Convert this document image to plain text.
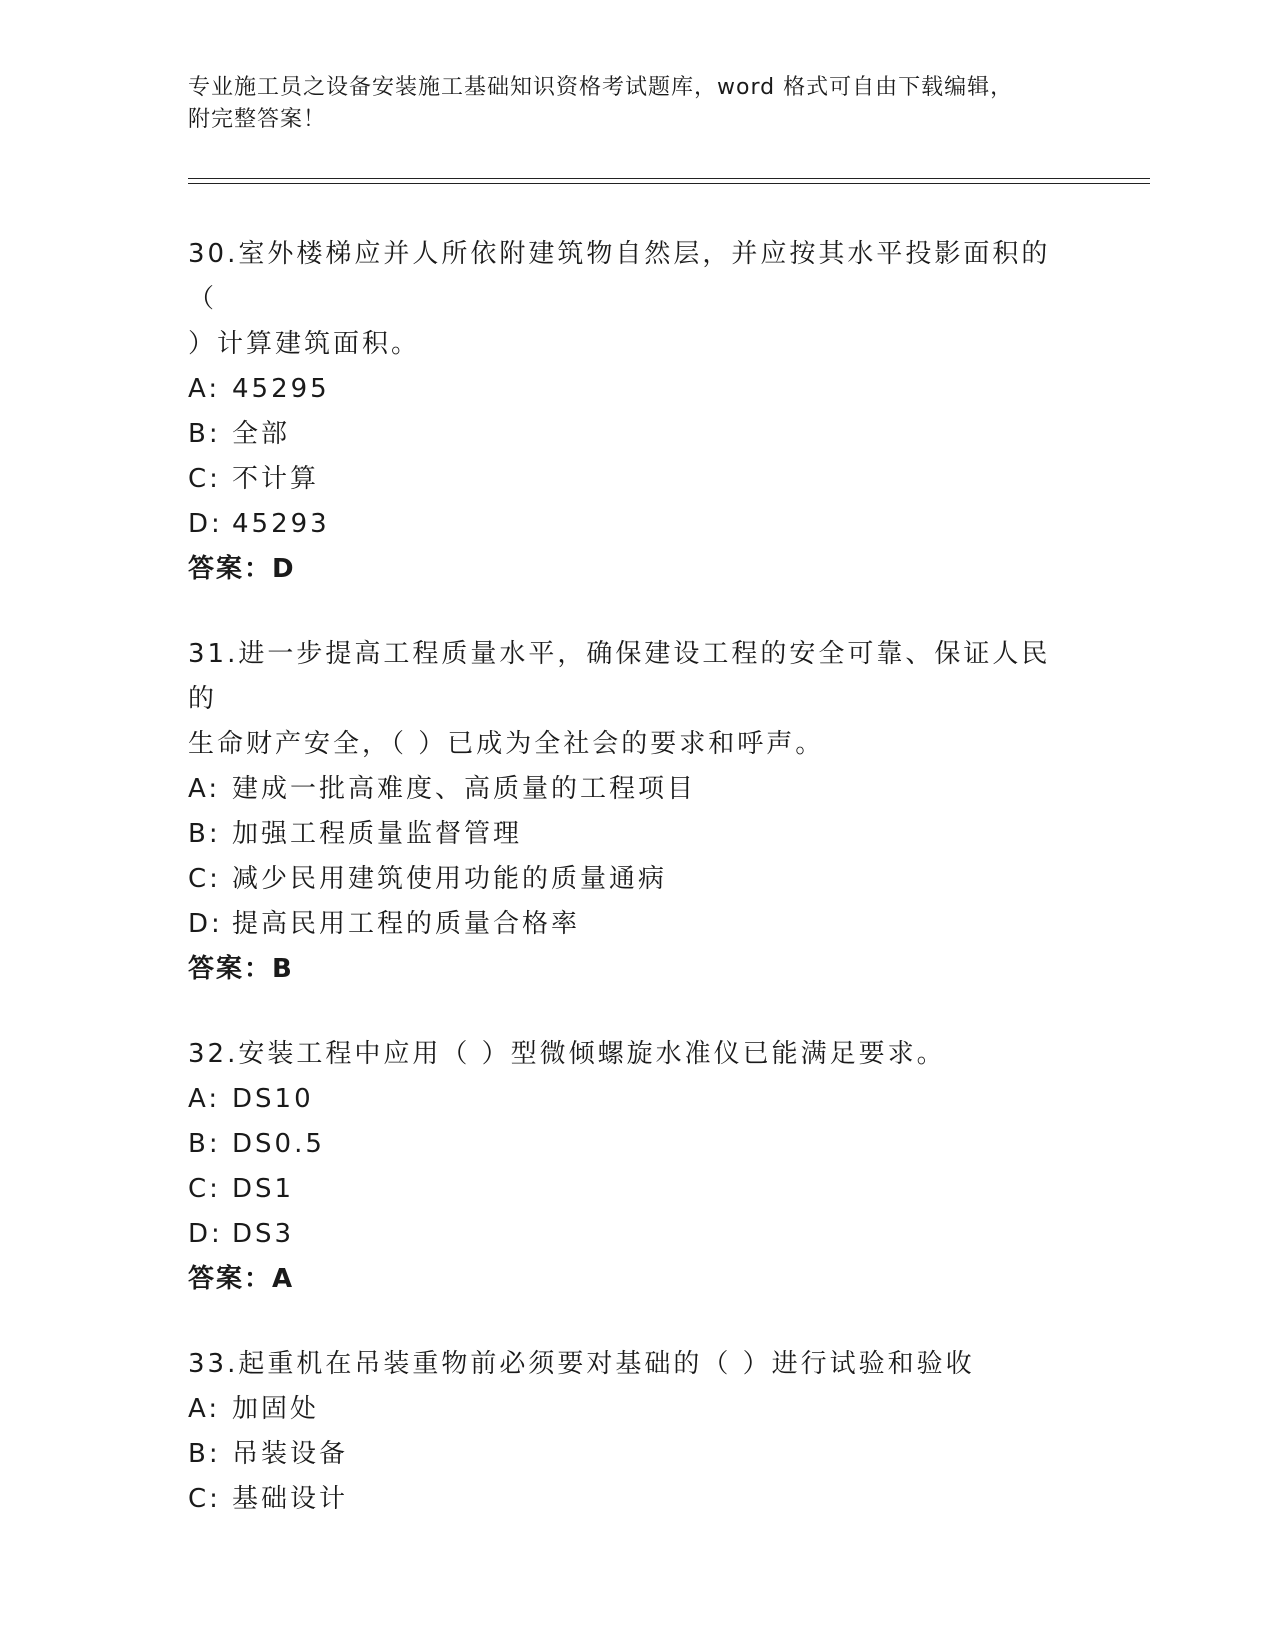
专业施工员之设备安装施工基础知识资格考试题库，word 格式可自由下载编辑，
附完整答案！
30.室外楼梯应并人所依附建筑物自然层，并应按其水平投影面积的（
）计算建筑面积。
A: 45295
B: 全部
C: 不计算
D: 45293
答案：D
31.进一步提高工程质量水平，确保建设工程的安全可靠、保证人民的
生命财产安全，（ ）已成为全社会的要求和呼声。
A: 建成一批高难度、高质量的工程项目
B: 加强工程质量监督管理
C: 减少民用建筑使用功能的质量通病
D: 提高民用工程的质量合格率
答案：B
32.安装工程中应用（ ）型微倾螺旋水准仪已能满足要求。
A: DS10
B: DS0.5
C: DS1
D: DS3
答案：A
33.起重机在吊装重物前必须要对基础的（ ）进行试验和验收
A: 加固处
B: 吊装设备
C: 基础设计
